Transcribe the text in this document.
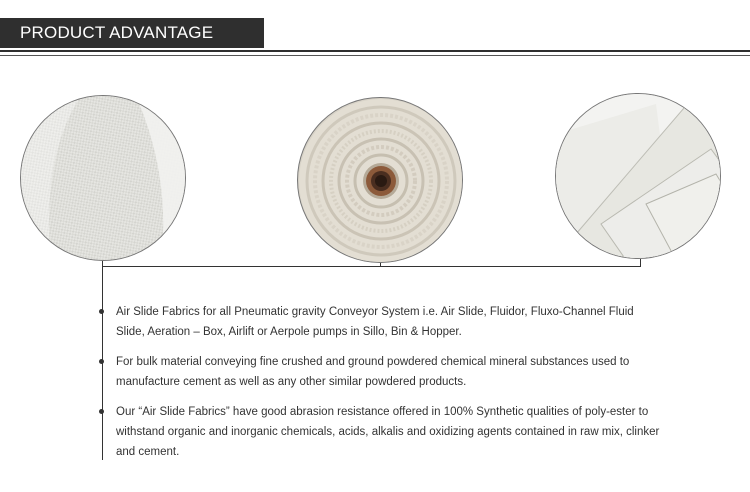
PRODUCT ADVANTAGE
Air Slide Fabrics for all Pneumatic gravity Conveyor System i.e. Air Slide, Fluidor, Fluxo-Channel Fluid Slide, Aeration – Box, Airlift or Aerpole pumps in Sillo, Bin & Hopper.
For bulk material conveying fine crushed and ground powdered chemical mineral substances used to manufacture cement as well as any other similar powdered products.
Our “Air Slide Fabrics” have good abrasion resistance offered in 100% Synthetic qualities of poly-ester to withstand organic and inorganic chemicals, acids, alkalis and oxidizing agents contained in raw mix, clinker and cement.
